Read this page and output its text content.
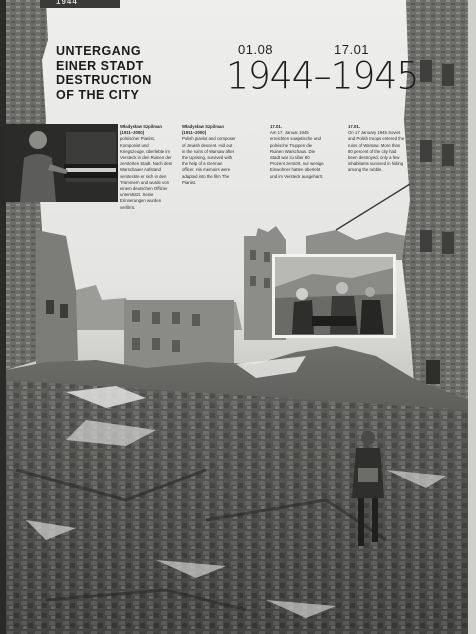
1944
UNTERGANG
EINER STADT
DESTRUCTION
OF THE CITY
01.08	17.01
1944–1945
Władysław Szpilman (1911–2000)
polnischer Pianist, Komponist und Kriegszeuge, überlebte im Versteck in den Ruinen der zerstörten Stadt. Nach dem Warschauer Aufstand versteckte er sich in den Trümmern und wurde von einem deutschen Offizier unterstützt. Seine Erinnerungen wurden verfilmt.
Władysław Szpilman (1911–2000)
Polish pianist and composer of Jewish descent. Hid out in the ruins of Warsaw after the Uprising, survived with the help of a German officer. His memoirs were adapted into the film The Pianist.
17.01.
Am 17. Januar 1945 erreichten sowjetische und polnische Truppen die Ruinen Warschaus. Die Stadt war zu über 80 Prozent zerstört, nur wenige Einwohner hatten überlebt und im Versteck ausgeharrt.
17.01.
On 17 January 1945 Soviet and Polish troops entered the ruins of Warsaw. More than 80 percent of the city had been destroyed; only a few inhabitants survived in hiding among the rubble.
